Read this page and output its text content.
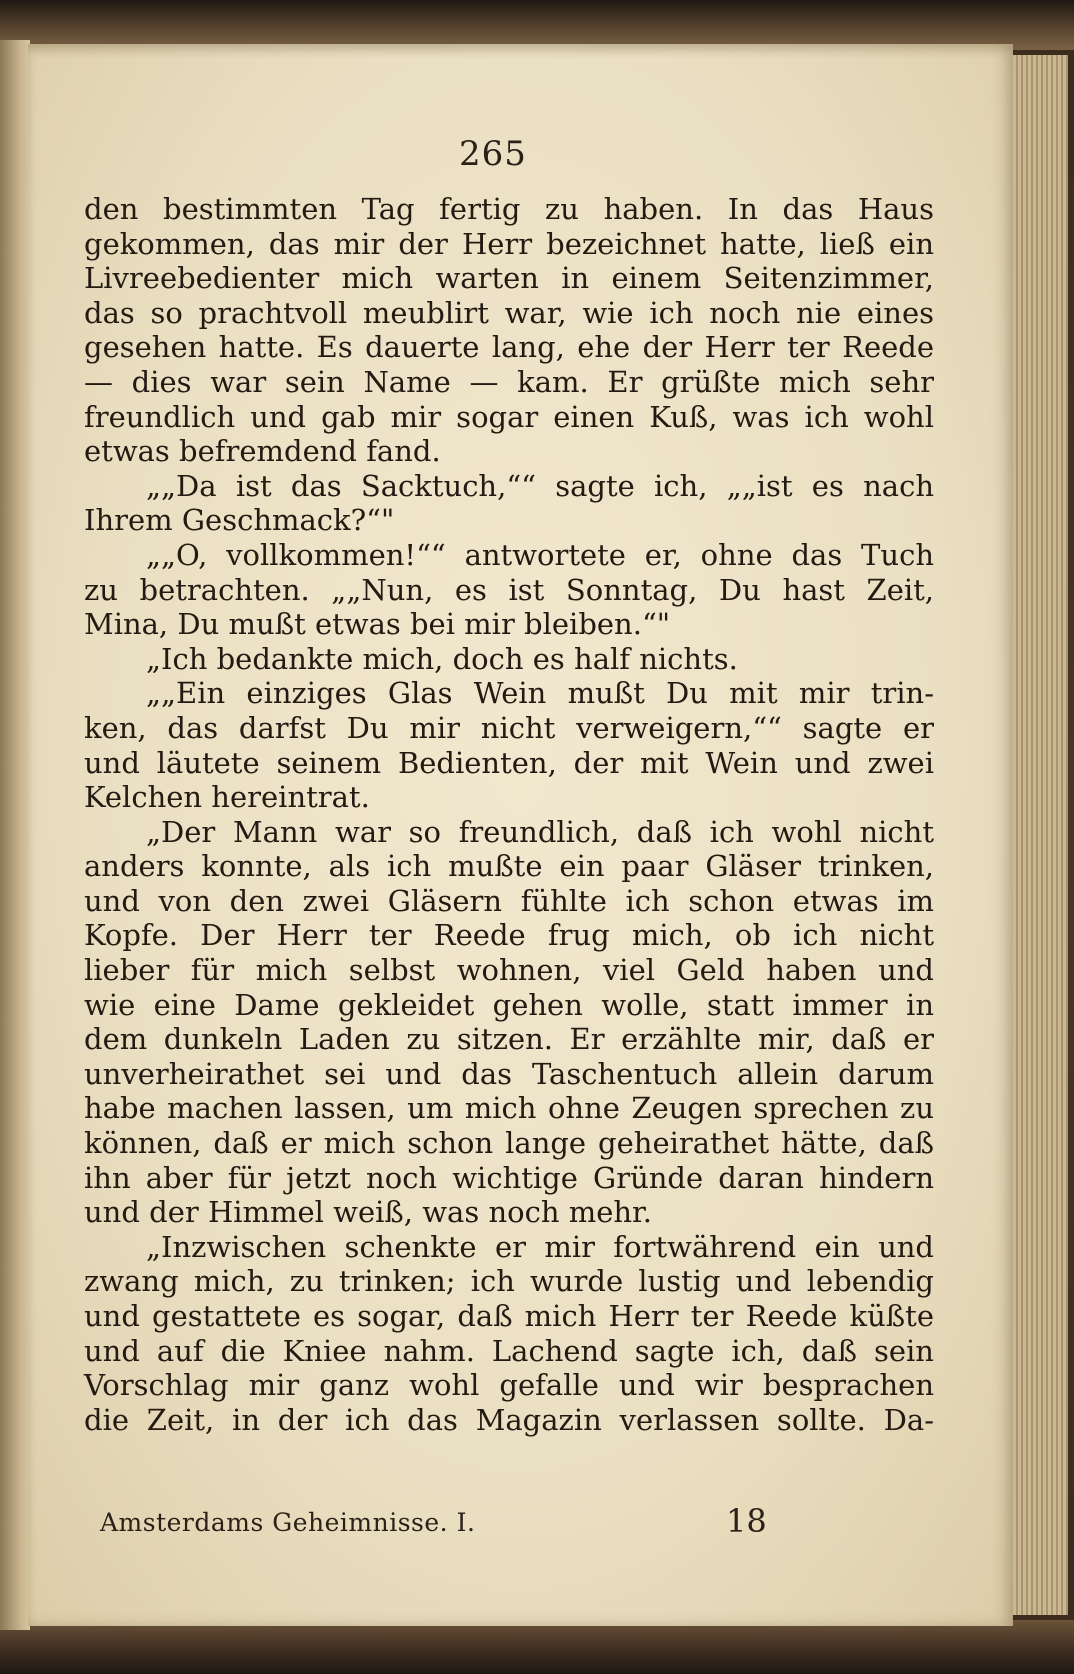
265
den bestimmten Tag fertig zu haben. In das Haus
gekommen, das mir der Herr bezeichnet hatte, ließ ein
Livreebedienter mich warten in einem Seitenzimmer,
das so prachtvoll meublirt war, wie ich noch nie eines
gesehen hatte. Es dauerte lang, ehe der Herr ter Reede
— dies war sein Name — kam. Er grüßte mich sehr
freundlich und gab mir sogar einen Kuß, was ich wohl
etwas befremdend fand.
„„Da ist das Sacktuch,““ sagte ich, „„ist es nach
Ihrem Geschmack?“"
„„O, vollkommen!““ antwortete er, ohne das Tuch
zu betrachten. „„Nun, es ist Sonntag, Du hast Zeit,
Mina, Du mußt etwas bei mir bleiben.“"
„Ich bedankte mich, doch es half nichts.
„„Ein einziges Glas Wein mußt Du mit mir trin-
ken, das darfst Du mir nicht verweigern,““ sagte er
und läutete seinem Bedienten, der mit Wein und zwei
Kelchen hereintrat.
„Der Mann war so freundlich, daß ich wohl nicht
anders konnte, als ich mußte ein paar Gläser trinken,
und von den zwei Gläsern fühlte ich schon etwas im
Kopfe. Der Herr ter Reede frug mich, ob ich nicht
lieber für mich selbst wohnen, viel Geld haben und
wie eine Dame gekleidet gehen wolle, statt immer in
dem dunkeln Laden zu sitzen. Er erzählte mir, daß er
unverheirathet sei und das Taschentuch allein darum
habe machen lassen, um mich ohne Zeugen sprechen zu
können, daß er mich schon lange geheirathet hätte, daß
ihn aber für jetzt noch wichtige Gründe daran hindern
und der Himmel weiß, was noch mehr.
„Inzwischen schenkte er mir fortwährend ein und
zwang mich, zu trinken; ich wurde lustig und lebendig
und gestattete es sogar, daß mich Herr ter Reede küßte
und auf die Kniee nahm. Lachend sagte ich, daß sein
Vorschlag mir ganz wohl gefalle und wir besprachen
die Zeit, in der ich das Magazin verlassen sollte. Da-
Amsterdams Geheimnisse. I.	18
